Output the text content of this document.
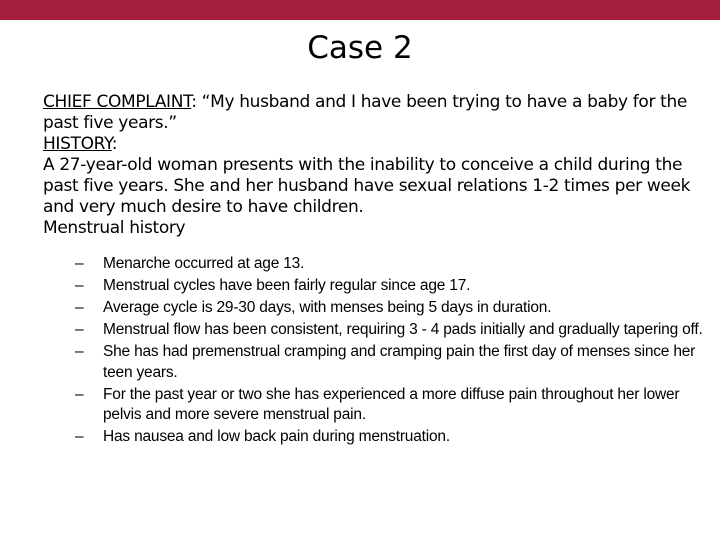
Case 2

CHIEF COMPLAINT: “My husband and I have been trying to have a baby for the past five years.”

HISTORY:

A 27-year-old woman presents with the inability to conceive a child during the past five years. She and her husband have sexual relations 1-2 times per week and very much desire to have children.

Menstrual history

–	Menarche occurred at age 13.
–	Menstrual cycles have been fairly regular since age 17.
–	Average cycle is 29‐30 days, with menses being 5 days in duration.
–	Menstrual flow has been consistent, requiring 3 - 4 pads initially and gradually tapering off.
–	She has had premenstrual cramping and cramping pain the first day of menses since her teen years.
–	For the past year or two she has experienced a more diffuse pain throughout her lower pelvis and more severe menstrual pain.
–	Has nausea and low back pain during menstruation.
